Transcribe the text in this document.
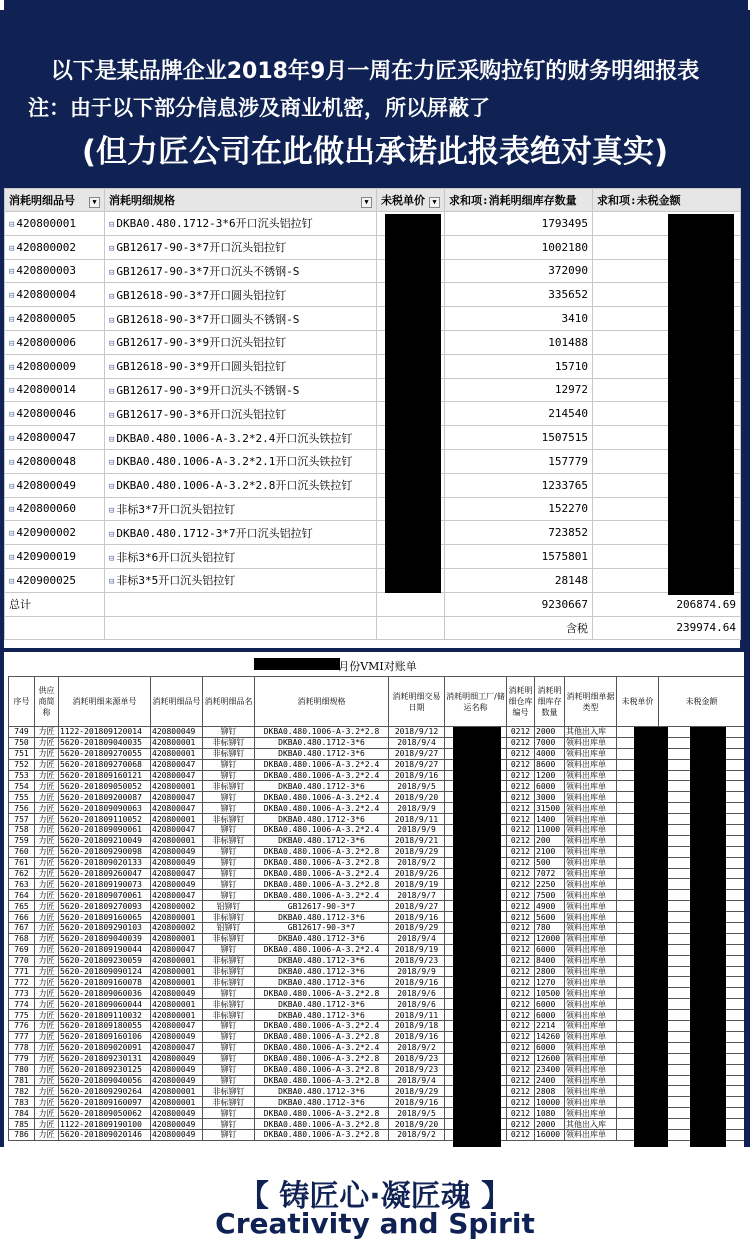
以下是某品牌企业2018年9月一周在力匠采购拉钉的财务明细报表
注：由于以下部分信息涉及商业机密，所以屏蔽了
(但力匠公司在此做出承诺此报表绝对真实)
消耗明细品号 ▼	消耗明细规格 ▼	未税单价 ▼	求和项:消耗明细库存数量	求和项:未税金额
⊟ 420800001	⊟ DKBA0.480.1712-3*6开口沉头铝拉钉		1793495	
⊟ 420800002	⊟ GB12617-90-3*7开口沉头铝拉钉		1002180	
⊟ 420800003	⊟ GB12617-90-3*7开口沉头不锈钢-S		372090	
⊟ 420800004	⊟ GB12618-90-3*7开口圆头铝拉钉		335652	
⊟ 420800005	⊟ GB12618-90-3*7开口圆头不锈钢-S		3410	
⊟ 420800006	⊟ GB12617-90-3*9开口沉头铝拉钉		101488	
⊟ 420800009	⊟ GB12618-90-3*9开口圆头铝拉钉		15710	
⊟ 420800014	⊟ GB12617-90-3*9开口沉头不锈钢-S		12972	
⊟ 420800046	⊟ GB12617-90-3*6开口沉头铝拉钉		214540	
⊟ 420800047	⊟ DKBA0.480.1006-A-3.2*2.4开口沉头铁拉钉		1507515	
⊟ 420800048	⊟ DKBA0.480.1006-A-3.2*2.1开口沉头铁拉钉		157779	
⊟ 420800049	⊟ DKBA0.480.1006-A-3.2*2.8开口沉头铁拉钉		1233765	
⊟ 420800060	⊟ 非标3*7开口沉头铝拉钉		152270	
⊟ 420900002	⊟ DKBA0.480.1712-3*7开口沉头铝拉钉		723852	
⊟ 420900019	⊟ 非标3*6开口沉头铝拉钉		1575801	
⊟ 420900025	⊟ 非标3*5开口沉头铝拉钉		28148	
总计			9230667	206874.69
			含税	239974.64
9月份VMI对账单
序号	供应商简称	消耗明细来源单号	消耗明细品号	消耗明细品名	消耗明细规格	消耗明细交易日期	消耗明细工厂/储运名称	消耗明细仓库编号	消耗明细库存数量	消耗明细单据类型	未税单价	未税金额
749	力匠	1122-201809120014	420800049	铆钉	DKBA0.480.1006-A-3.2*2.8	2018/9/12		0212	2000	其他出入库		
750	力匠	5620-201809040035	420800001	非标铆钉	DKBA0.480.1712-3*6	2018/9/4		0212	7000	领料出库单		
751	力匠	5620-201809270055	420800001	非标铆钉	DKBA0.480.1712-3*6	2018/9/27		0212	4000	领料出库单		
752	力匠	5620-201809270068	420800047	铆钉	DKBA0.480.1006-A-3.2*2.4	2018/9/27		0212	8600	领料出库单		
753	力匠	5620-201809160121	420800047	铆钉	DKBA0.480.1006-A-3.2*2.4	2018/9/16		0212	1200	领料出库单		
754	力匠	5620-201809050052	420800001	非标铆钉	DKBA0.480.1712-3*6	2018/9/5		0212	6000	领料出库单		
755	力匠	5620-201809200087	420800047	铆钉	DKBA0.480.1006-A-3.2*2.4	2018/9/20		0212	3000	领料出库单		
756	力匠	5620-201809090063	420800047	铆钉	DKBA0.480.1006-A-3.2*2.4	2018/9/9		0212	31500	领料出库单		
757	力匠	5620-201809110052	420800001	非标铆钉	DKBA0.480.1712-3*6	2018/9/11		0212	1400	领料出库单		
758	力匠	5620-201809090061	420800047	铆钉	DKBA0.480.1006-A-3.2*2.4	2018/9/9		0212	11000	领料出库单		
759	力匠	5620-201809210049	420800001	非标铆钉	DKBA0.480.1712-3*6	2018/9/21		0212	200	领料出库单		
760	力匠	5620-201809290098	420800049	铆钉	DKBA0.480.1006-A-3.2*2.8	2018/9/29		0212	2100	领料出库单		
761	力匠	5620-201809020133	420800049	铆钉	DKBA0.480.1006-A-3.2*2.8	2018/9/2		0212	500	领料出库单		
762	力匠	5620-201809260047	420800047	铆钉	DKBA0.480.1006-A-3.2*2.4	2018/9/26		0212	7072	领料出库单		
763	力匠	5620-201809190073	420800049	铆钉	DKBA0.480.1006-A-3.2*2.8	2018/9/19		0212	2250	领料出库单		
764	力匠	5620-201809070061	420800047	铆钉	DKBA0.480.1006-A-3.2*2.4	2018/9/7		0212	7500	领料出库单		
765	力匠	5620-201809270093	420800002	铝铆钉	GB12617-90-3*7	2018/9/27		0212	4900	领料出库单		
766	力匠	5620-201809160065	420800001	非标铆钉	DKBA0.480.1712-3*6	2018/9/16		0212	5600	领料出库单		
767	力匠	5620-201809290103	420800002	铝铆钉	GB12617-90-3*7	2018/9/29		0212	780	领料出库单		
768	力匠	5620-201809040039	420800001	非标铆钉	DKBA0.480.1712-3*6	2018/9/4		0212	12000	领料出库单		
769	力匠	5620-201809190044	420800047	铆钉	DKBA0.480.1006-A-3.2*2.4	2018/9/19		0212	6000	领料出库单		
770	力匠	5620-201809230059	420800001	非标铆钉	DKBA0.480.1712-3*6	2018/9/23		0212	8400	领料出库单		
771	力匠	5620-201809090124	420800001	非标铆钉	DKBA0.480.1712-3*6	2018/9/9		0212	2800	领料出库单		
772	力匠	5620-201809160078	420800001	非标铆钉	DKBA0.480.1712-3*6	2018/9/16		0212	1270	领料出库单		
773	力匠	5620-201809060036	420800049	铆钉	DKBA0.480.1006-A-3.2*2.8	2018/9/6		0212	10500	领料出库单		
774	力匠	5620-201809060044	420800001	非标铆钉	DKBA0.480.1712-3*6	2018/9/6		0212	6000	领料出库单		
775	力匠	5620-201809110032	420800001	非标铆钉	DKBA0.480.1712-3*6	2018/9/11		0212	6000	领料出库单		
776	力匠	5620-201809180055	420800047	铆钉	DKBA0.480.1006-A-3.2*2.4	2018/9/18		0212	2214	领料出库单		
777	力匠	5620-201809160106	420800049	铆钉	DKBA0.480.1006-A-3.2*2.8	2018/9/16		0212	14260	领料出库单		
778	力匠	5620-201809020091	420800047	铆钉	DKBA0.480.1006-A-3.2*2.4	2018/9/2		0212	6000	领料出库单		
779	力匠	5620-201809230131	420800049	铆钉	DKBA0.480.1006-A-3.2*2.8	2018/9/23		0212	12600	领料出库单		
780	力匠	5620-201809230125	420800049	铆钉	DKBA0.480.1006-A-3.2*2.8	2018/9/23		0212	23400	领料出库单		
781	力匠	5620-201809040056	420800049	铆钉	DKBA0.480.1006-A-3.2*2.8	2018/9/4		0212	2400	领料出库单		
782	力匠	5620-201809290264	420800001	非标铆钉	DKBA0.480.1712-3*6	2018/9/29		0212	2808	领料出库单		
783	力匠	5620-201809160097	420800001	非标铆钉	DKBA0.480.1712-3*6	2018/9/16		0212	10000	领料出库单		
784	力匠	5620-201809050062	420800049	铆钉	DKBA0.480.1006-A-3.2*2.8	2018/9/5		0212	1080	领料出库单		
785	力匠	1122-201809190100	420800049	铆钉	DKBA0.480.1006-A-3.2*2.8	2018/9/20		0212	2000	其他出入库		
786	力匠	5620-201809020146	420800049	铆钉	DKBA0.480.1006-A-3.2*2.8	2018/9/2		0212	16000	领料出库单		
【 铸匠心·凝匠魂 】
Creativity and Spirit
